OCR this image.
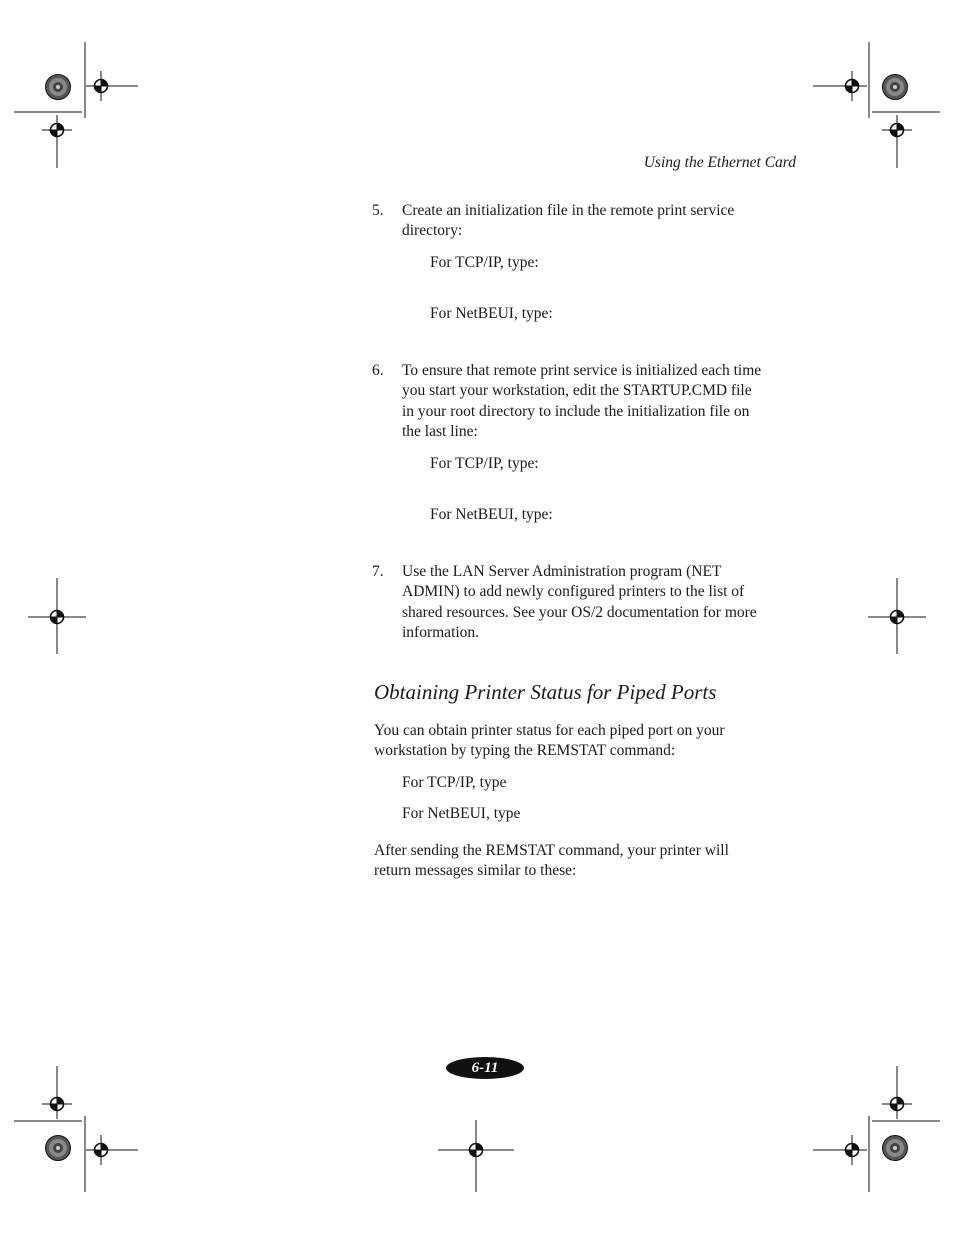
Using the Ethernet Card
5.	Create an initialization file in the remote print service
directory:
For TCP/IP, type:
For NetBEUI, type:
6.	To ensure that remote print service is initialized each time
you start your workstation, edit the STARTUP.CMD file
in your root directory to include the initialization file on
the last line:
For TCP/IP, type:
For NetBEUI, type:
7.	Use the LAN Server Administration program (NET
ADMIN) to add newly configured printers to the list of
shared resources. See your OS/2 documentation for more
information.
Obtaining Printer Status for Piped Ports
You can obtain printer status for each piped port on your
workstation by typing the REMSTAT command:
For TCP/IP, type
For NetBEUI, type
After sending the REMSTAT command, your printer will
return messages similar to these:
6-11
